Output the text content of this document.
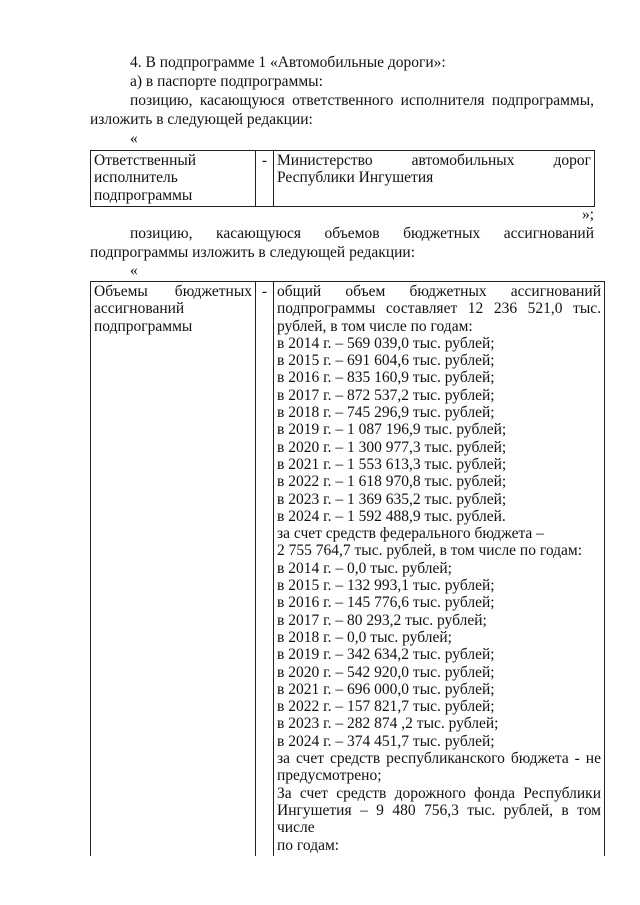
4. В подпрограмме 1 «Автомобильные дороги»:

а) в паспорте подпрограммы:

позицию, касающуюся ответственного исполнителя подпрограммы,

изложить в следующей редакции:

«

Ответственный
исполнитель
подпрограммы
	-	Министерство автомобильных дорог
Республики Ингушетия

»;

позицию, касающуюся объемов бюджетных ассигнований

подпрограммы изложить в следующей редакции:

«

Объемы бюджетных
ассигнований
подпрограммы
	-	общий объем бюджетных ассигнований
подпрограммы составляет 12 236 521,0 тыс.
рублей, в том числе по годам:
в 2014 г. – 569 039,0 тыс. рублей;
в 2015 г. – 691 604,6 тыс. рублей;
в 2016 г. – 835 160,9 тыс. рублей;
в 2017 г. – 872 537,2 тыс. рублей;
в 2018 г. – 745 296,9 тыс. рублей;
в 2019 г. – 1 087 196,9 тыс. рублей;
в 2020 г. – 1 300 977,3 тыс. рублей;
в 2021 г. – 1 553 613,3 тыс. рублей;
в 2022 г. – 1 618 970,8 тыс. рублей;
в 2023 г. – 1 369 635,2 тыс. рублей;
в 2024 г. – 1 592 488,9 тыс. рублей.
за счет средств федерального бюджета –
2 755 764,7 тыс. рублей, в том числе по годам:
в 2014 г. – 0,0 тыс. рублей;
в 2015 г. – 132 993,1 тыс. рублей;
в 2016 г. – 145 776,6 тыс. рублей;
в 2017 г. – 80 293,2 тыс. рублей;
в 2018 г. – 0,0 тыс. рублей;
в 2019 г. – 342 634,2 тыс. рублей;
в 2020 г. – 542 920,0 тыс. рублей;
в 2021 г. – 696 000,0 тыс. рублей;
в 2022 г. – 157 821,7 тыс. рублей;
в 2023 г. – 282 874 ,2 тыс. рублей;
в 2024 г. – 374 451,7 тыс. рублей;
за счет средств республиканского бюджета - не
предусмотрено;
За счет средств дорожного фонда Республики
Ингушетия – 9 480 756,3 тыс. рублей, в том числе
по годам:
